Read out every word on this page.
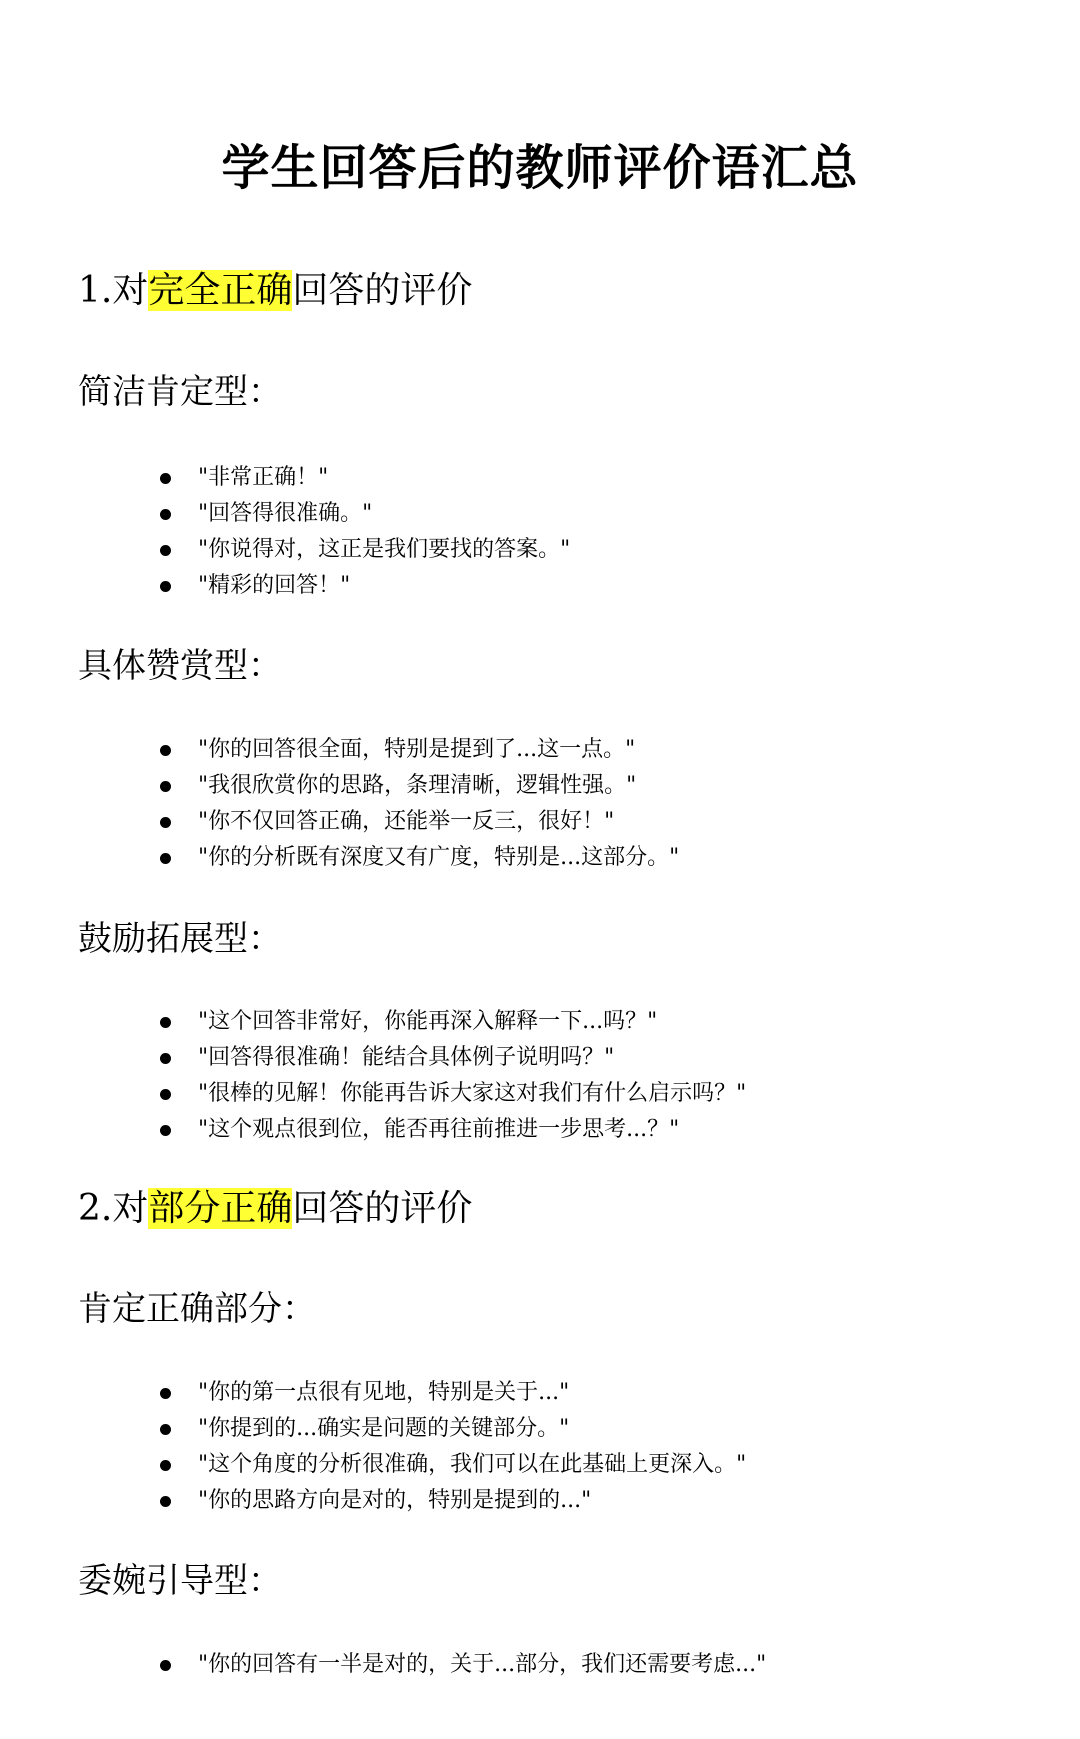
学生回答后的教师评价语汇总
1.对完全正确回答的评价
简洁肯定型：
"非常正确！"
"回答得很准确。"
"你说得对，这正是我们要找的答案。"
"精彩的回答！"
具体赞赏型：
"你的回答很全面，特别是提到了...这一点。"
"我很欣赏你的思路，条理清晰，逻辑性强。"
"你不仅回答正确，还能举一反三，很好！"
"你的分析既有深度又有广度，特别是...这部分。"
鼓励拓展型：
"这个回答非常好，你能再深入解释一下...吗？"
"回答得很准确！能结合具体例子说明吗？"
"很棒的见解！你能再告诉大家这对我们有什么启示吗？"
"这个观点很到位，能否再往前推进一步思考...？"
2.对部分正确回答的评价
肯定正确部分：
"你的第一点很有见地，特别是关于..."
"你提到的...确实是问题的关键部分。"
"这个角度的分析很准确，我们可以在此基础上更深入。"
"你的思路方向是对的，特别是提到的..."
委婉引导型：
"你的回答有一半是对的，关于...部分，我们还需要考虑..."
